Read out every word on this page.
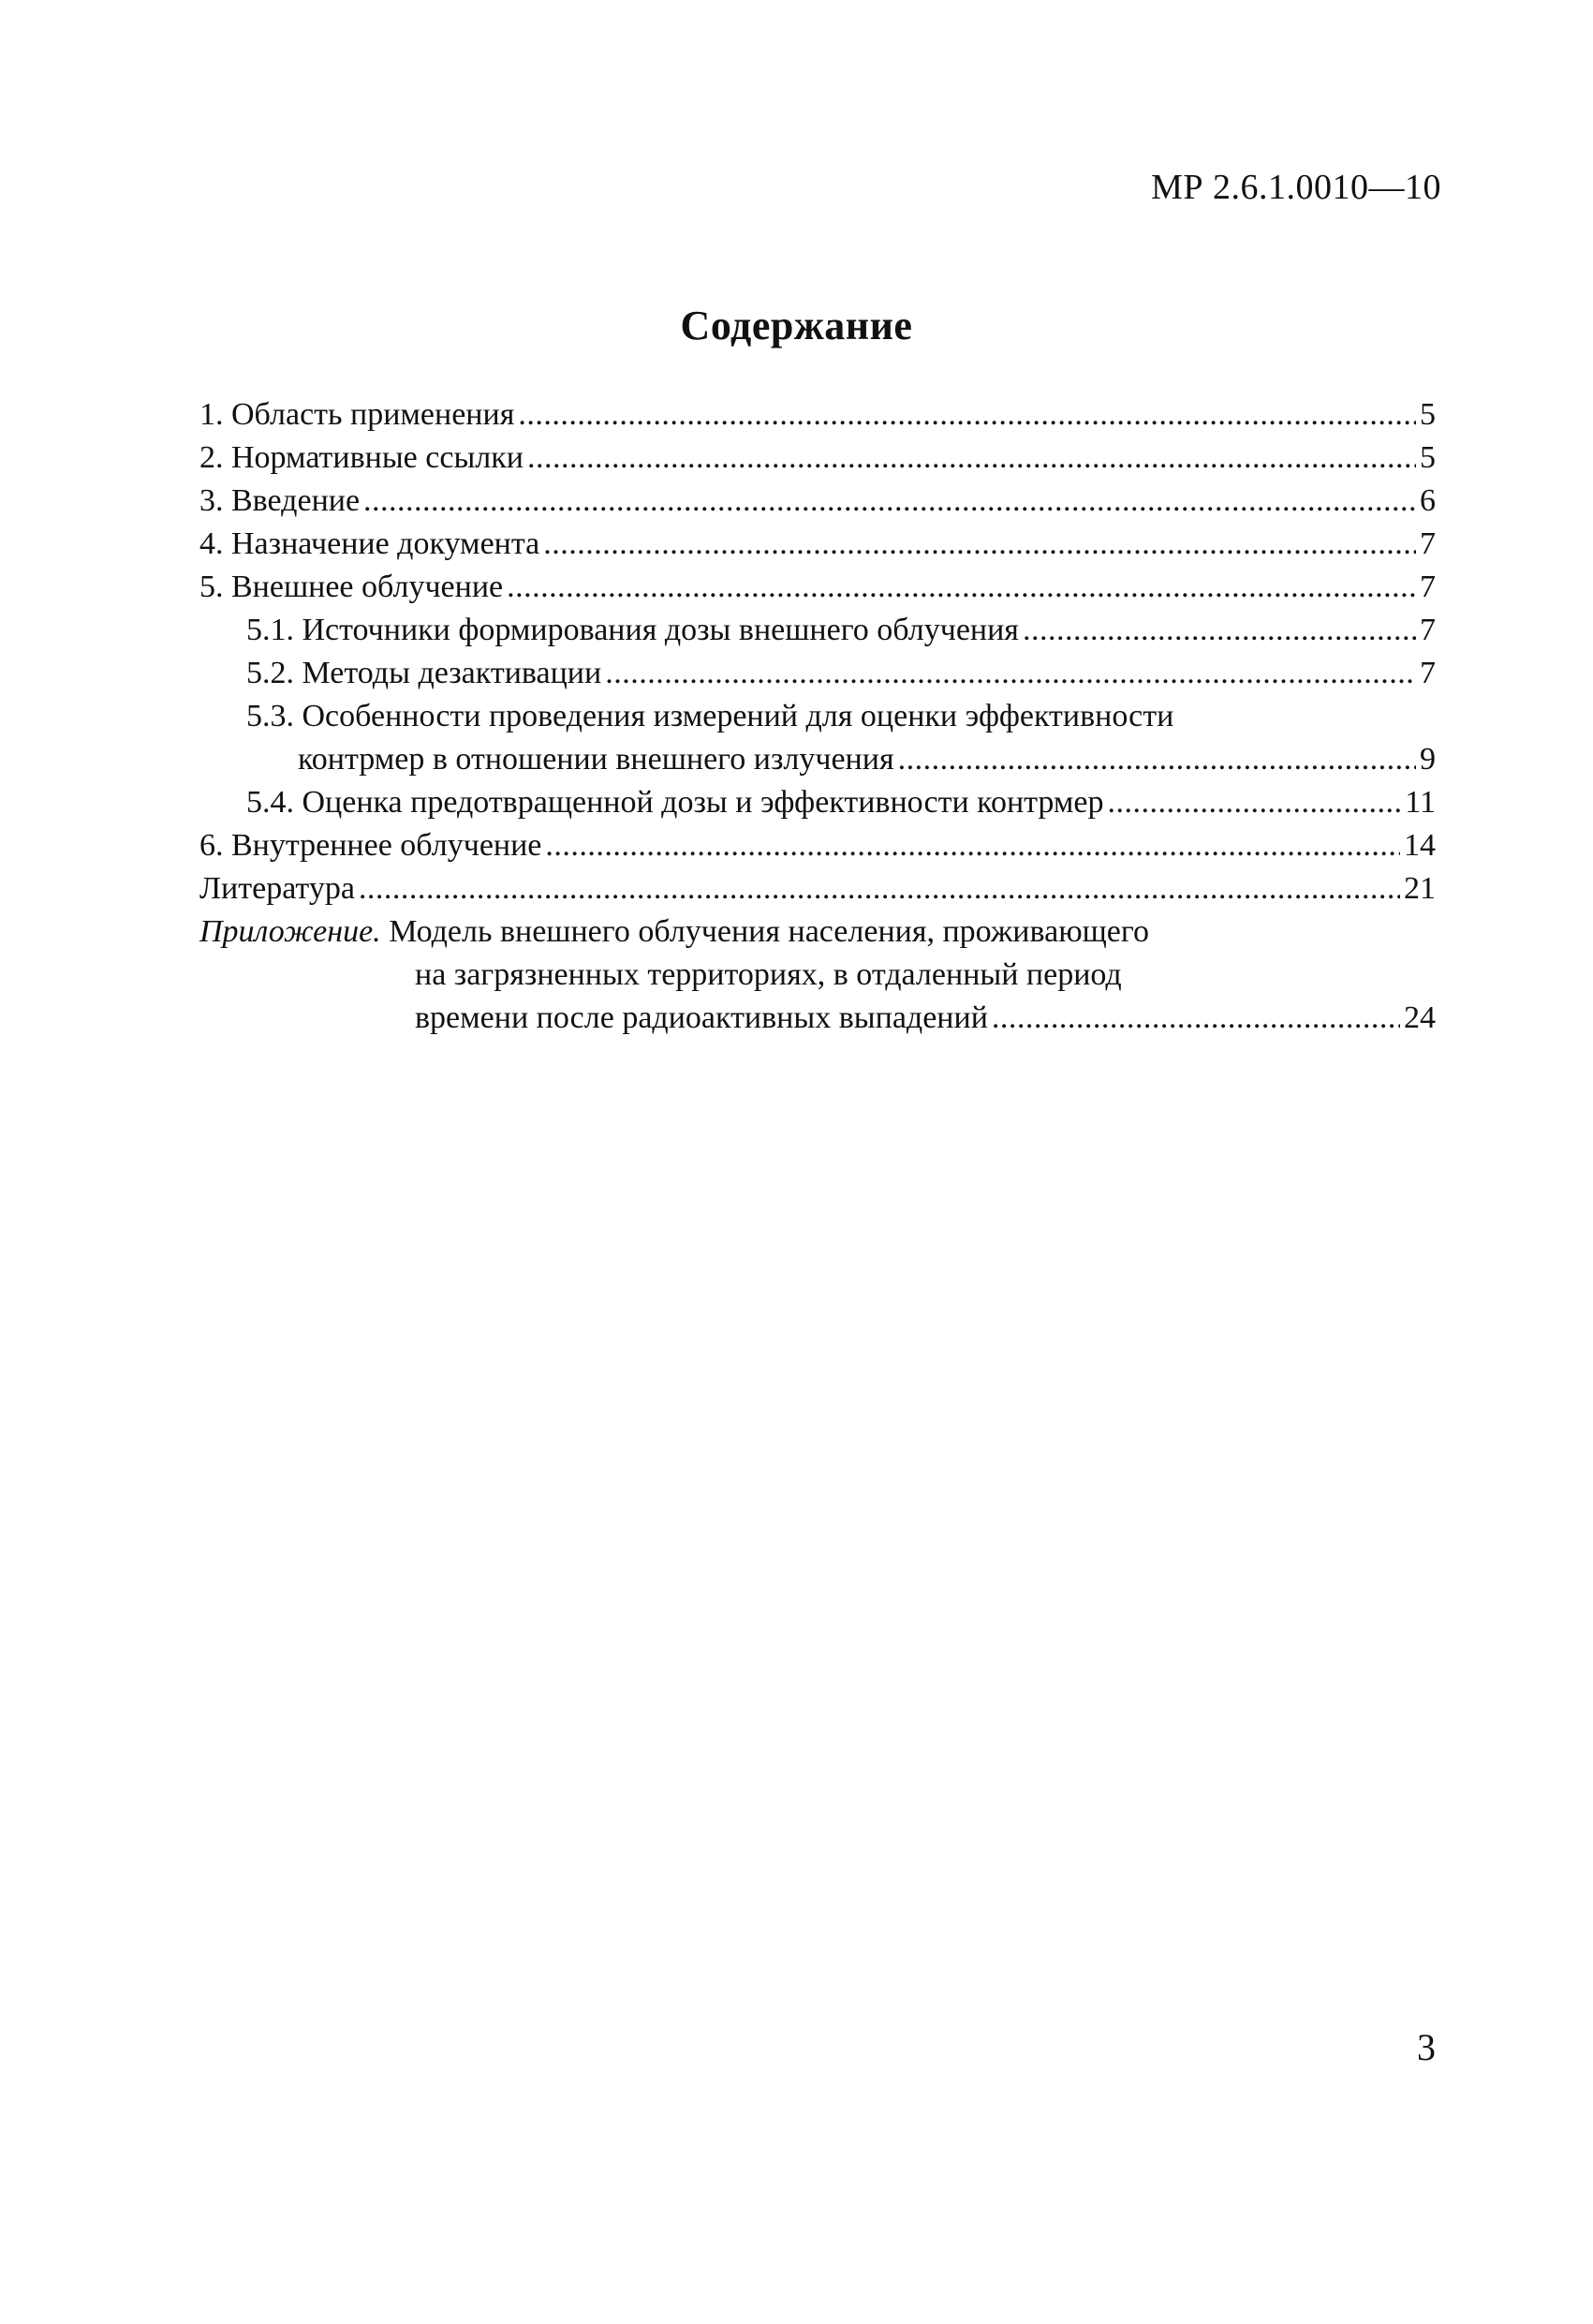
МР 2.6.1.0010—10
Содержание
1. Область применения .....	5
2. Нормативные ссылки .....	5
3. Введение .....	6
4. Назначение документа .....	7
5. Внешнее облучение .....	7
5.1. Источники формирования дозы внешнего облучения .....	7
5.2. Методы дезактивации .....	7
5.3. Особенности проведения измерений для оценки эффективности
контрмер в отношении внешнего излучения .....	9
5.4. Оценка предотвращенной дозы и эффективности контрмер .....	11
6. Внутреннее облучение .....	14
Литература .....	21
Приложение. Модель внешнего облучения населения, проживающего
на загрязненных территориях, в отдаленный период
времени после радиоактивных выпадений .....	24
3
